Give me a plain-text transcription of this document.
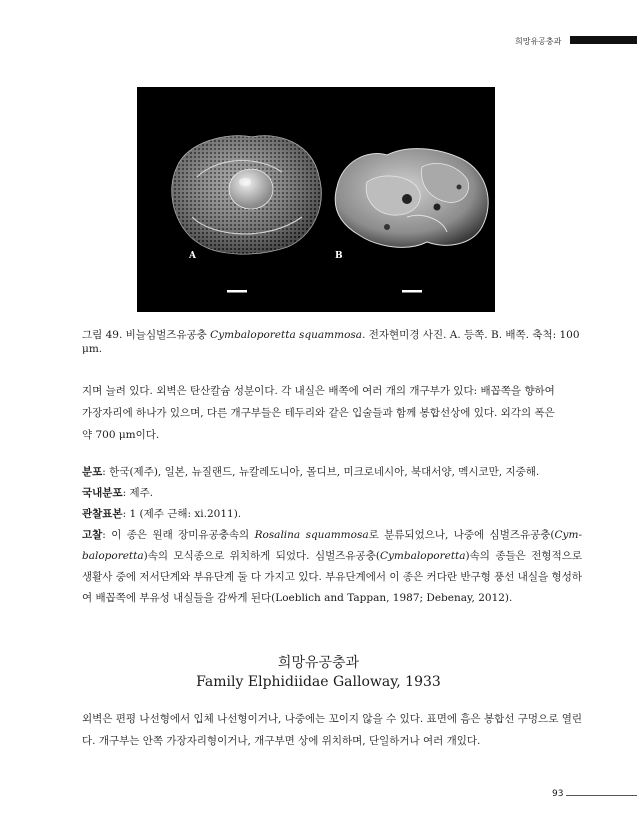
희망유공충과
A	B
그림 49. 비늘심벌즈유공충 Cymbaloporetta squammosa. 전자현미경 사진. A. 등쪽. B. 배쪽. 축척: 100 μm.
지며 늘려 있다. 외벽은 탄산칼슘 성분이다. 각 내실은 배쪽에 여러 개의 개구부가 있다: 배꼽쪽을 향하여
가장자리에 하나가 있으며, 다른 개구부들은 테두리와 같은 입술들과 함께 봉합선상에 있다. 외각의 폭은
약 700 μm이다.
분포: 한국(제주), 일본, 뉴질랜드, 뉴칼레도니아, 몰디브, 미크로네시아, 북대서양, 멕시코만, 지중해.
국내분포: 제주.
관찰표본: 1 (제주 근해: xi.2011).
고찰: 이 종은 원래 장미유공충속의 Rosalina squammosa로 분류되었으나, 나중에 심벌즈유공충(Cym-baloporetta)속의 모식종으로 위치하게 되었다. 심벌즈유공충(Cymbaloporetta)속의 종들은 전형적으로 생활사 중에 저서단계와 부유단계 둘 다 가지고 있다. 부유단계에서 이 종은 커다란 반구형 풍선 내실을 형성하여 배꼽쪽에 부유성 내실들을 감싸게 된다(Loeblich and Tappan, 1987; Debenay, 2012).
희망유공충과
Family Elphidiidae Galloway, 1933
외벽은 편평 나선형에서 입체 나선형이거나, 나중에는 꼬이지 않을 수 있다. 표면에 흠은 봉합선 구멍으로 열린다. 개구부는 안쪽 가장자리형이거나, 개구부면 상에 위치하며, 단일하거나 여러 개있다.
93
